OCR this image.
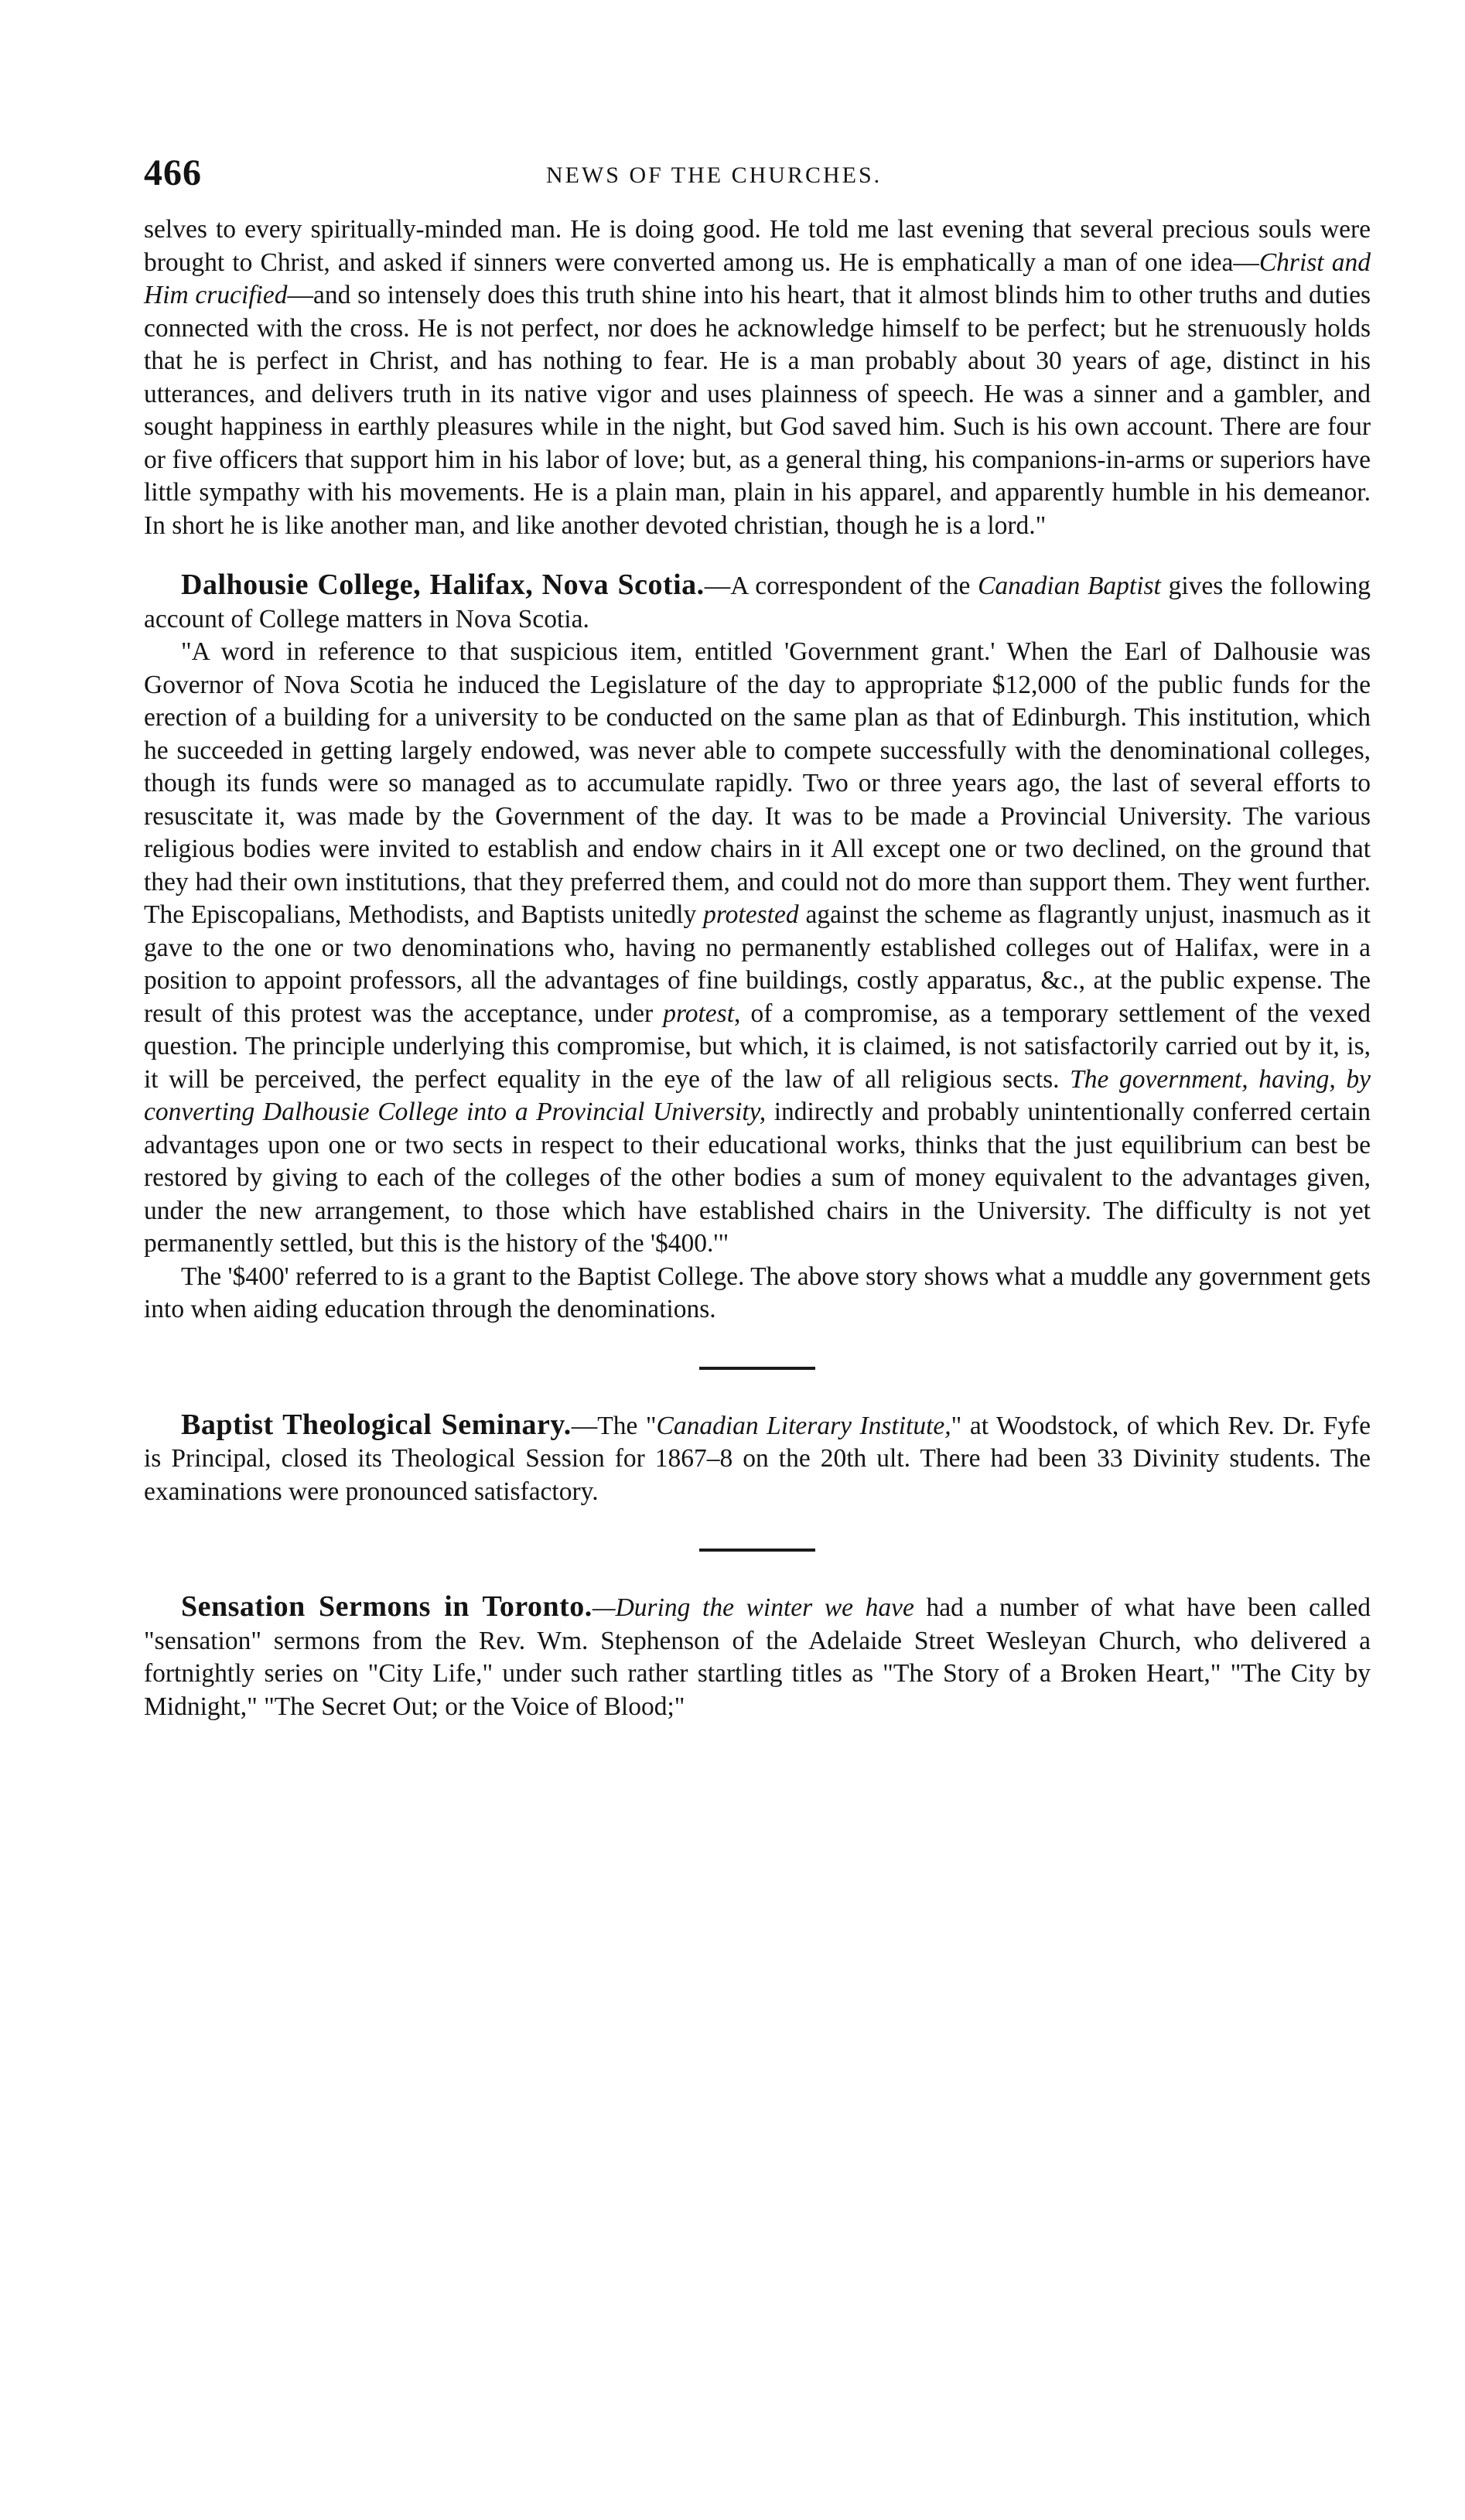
466	NEWS OF THE CHURCHES.

selves to every spiritually-minded man. He is doing good. He told me last evening that several precious souls were brought to Christ, and asked if sinners were converted among us. He is emphatically a man of one idea—Christ and Him crucified—and so intensely does this truth shine into his heart, that it almost blinds him to other truths and duties connected with the cross. He is not perfect, nor does he acknowledge himself to be perfect; but he strenuously holds that he is perfect in Christ, and has nothing to fear. He is a man probably about 30 years of age, distinct in his utterances, and delivers truth in its native vigor and uses plainness of speech. He was a sinner and a gambler, and sought happiness in earthly pleasures while in the night, but God saved him. Such is his own account. There are four or five officers that support him in his labor of love; but, as a general thing, his companions-in-arms or superiors have little sympathy with his movements. He is a plain man, plain in his apparel, and apparently humble in his demeanor. In short he is like another man, and like another devoted christian, though he is a lord."

Dalhousie College, Halifax, Nova Scotia.—A correspondent of the Canadian Baptist gives the following account of College matters in Nova Scotia.

"A word in reference to that suspicious item, entitled 'Government grant.' When the Earl of Dalhousie was Governor of Nova Scotia he induced the Legislature of the day to appropriate $12,000 of the public funds for the erection of a building for a university to be conducted on the same plan as that of Edinburgh. This institution, which he succeeded in getting largely endowed, was never able to compete successfully with the denominational colleges, though its funds were so managed as to accumulate rapidly. Two or three years ago, the last of several efforts to resuscitate it, was made by the Government of the day. It was to be made a Provincial University. The various religious bodies were invited to establish and endow chairs in it All except one or two declined, on the ground that they had their own institutions, that they preferred them, and could not do more than support them. They went further. The Episcopalians, Methodists, and Baptists unitedly protested against the scheme as flagrantly unjust, inasmuch as it gave to the one or two denominations who, having no permanently established colleges out of Halifax, were in a position to appoint professors, all the advantages of fine buildings, costly apparatus, &c., at the public expense. The result of this protest was the acceptance, under protest, of a compromise, as a temporary settlement of the vexed question. The principle underlying this compromise, but which, it is claimed, is not satisfactorily carried out by it, is, it will be perceived, the perfect equality in the eye of the law of all religious sects. The government, having, by converting Dalhousie College into a Provincial University, indirectly and probably unintentionally conferred certain advantages upon one or two sects in respect to their educational works, thinks that the just equilibrium can best be restored by giving to each of the colleges of the other bodies a sum of money equivalent to the advantages given, under the new arrangement, to those which have established chairs in the University. The difficulty is not yet permanently settled, but this is the history of the '$400.'"

The '$400' referred to is a grant to the Baptist College. The above story shows what a muddle any government gets into when aiding education through the denominations.

Baptist Theological Seminary.—The "Canadian Literary Institute," at Woodstock, of which Rev. Dr. Fyfe is Principal, closed its Theological Session for 1867–8 on the 20th ult. There had been 33 Divinity students. The examinations were pronounced satisfactory.

Sensation Sermons in Toronto.—During the winter we have had a number of what have been called "sensation" sermons from the Rev. Wm. Stephenson of the Adelaide Street Wesleyan Church, who delivered a fortnightly series on "City Life," under such rather startling titles as "The Story of a Broken Heart," "The City by Midnight," "The Secret Out; or the Voice of Blood;"
